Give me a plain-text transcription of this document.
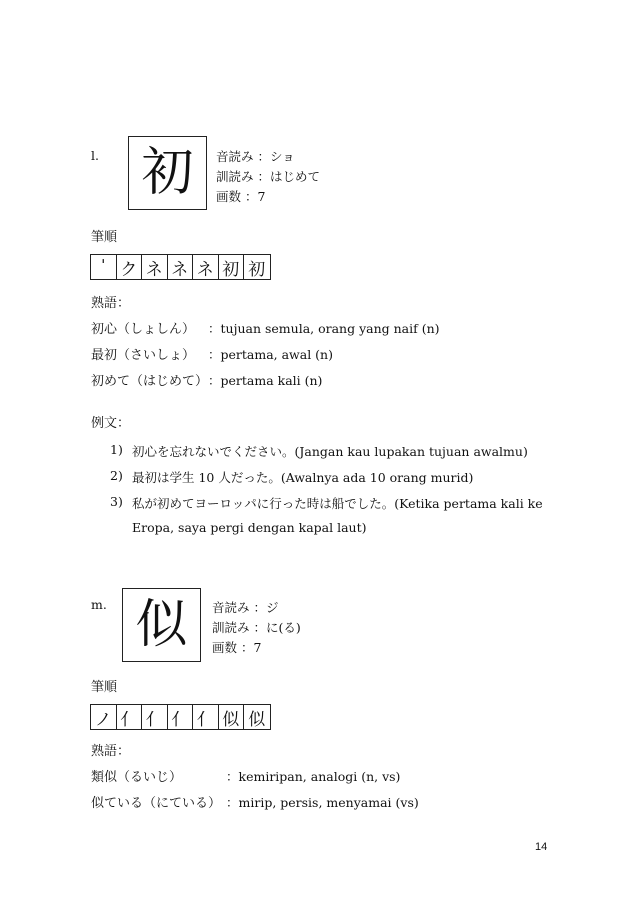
l. 初 音読み ：ショ
訓読み ：はじめて
画数 ：7
筆順
ˈ ク ネ ネ ネ 初 初
熟語：
初心（しょしん） ：tujuan semula, orang yang naif (n)
最初（さいしょ） ：pertama, awal (n)
初めて（はじめて） ：pertama kali (n)
例文：
1) 初心を忘れないでください。(Jangan kau lupakan tujuan awalmu)
2) 最初は学生 10 人だった。(Awalnya ada 10 orang murid)
3) 私が初めてヨーロッパに行った時は船でした。(Ketika pertama kali ke
Eropa, saya pergi dengan kapal laut)
m. 似 音読み ：ジ
訓読み ：に(る)
画数 ：7
筆順
ノ 亻 亻 亻 亻 似 似
熟語：
類似（るいじ）	：kemiripan, analogi (n, vs)
似ている（にている） ：mirip, persis, menyamai (vs)
14
